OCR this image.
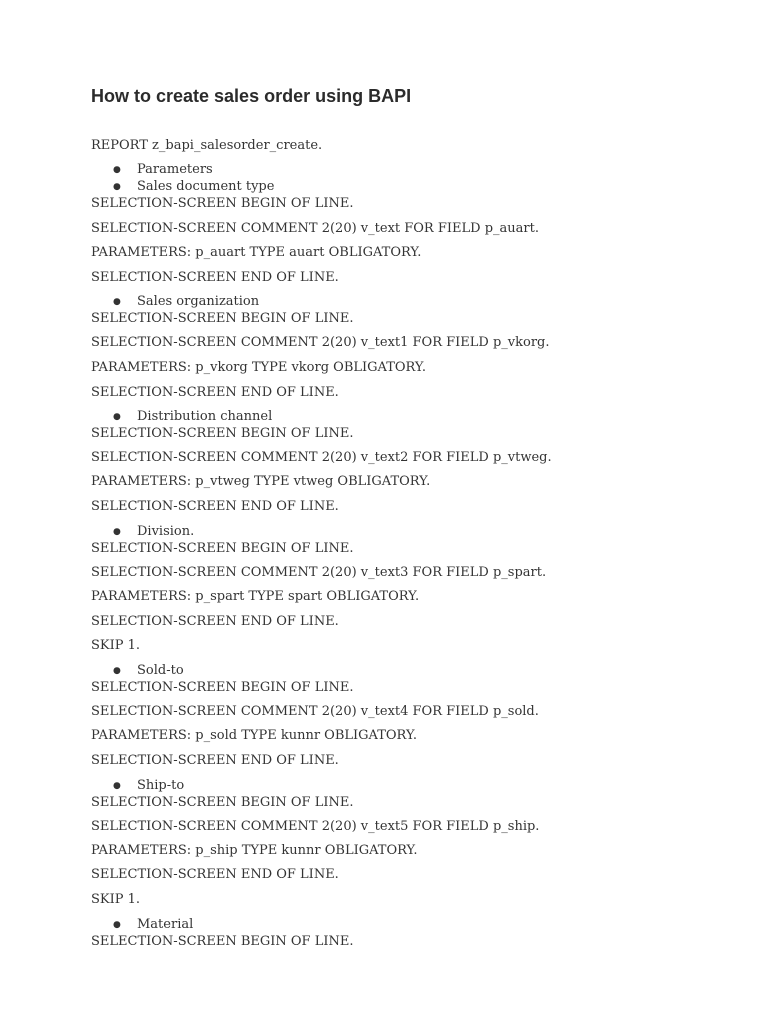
How to create sales order using BAPI
REPORT z_bapi_salesorder_create.
● Parameters
● Sales document type
SELECTION-SCREEN BEGIN OF LINE.
SELECTION-SCREEN COMMENT 2(20) v_text FOR FIELD p_auart.
PARAMETERS: p_auart TYPE auart OBLIGATORY.
SELECTION-SCREEN END OF LINE.
● Sales organization
SELECTION-SCREEN BEGIN OF LINE.
SELECTION-SCREEN COMMENT 2(20) v_text1 FOR FIELD p_vkorg.
PARAMETERS: p_vkorg TYPE vkorg OBLIGATORY.
SELECTION-SCREEN END OF LINE.
● Distribution channel
SELECTION-SCREEN BEGIN OF LINE.
SELECTION-SCREEN COMMENT 2(20) v_text2 FOR FIELD p_vtweg.
PARAMETERS: p_vtweg TYPE vtweg OBLIGATORY.
SELECTION-SCREEN END OF LINE.
● Division.
SELECTION-SCREEN BEGIN OF LINE.
SELECTION-SCREEN COMMENT 2(20) v_text3 FOR FIELD p_spart.
PARAMETERS: p_spart TYPE spart OBLIGATORY.
SELECTION-SCREEN END OF LINE.
SKIP 1.
● Sold-to
SELECTION-SCREEN BEGIN OF LINE.
SELECTION-SCREEN COMMENT 2(20) v_text4 FOR FIELD p_sold.
PARAMETERS: p_sold TYPE kunnr OBLIGATORY.
SELECTION-SCREEN END OF LINE.
● Ship-to
SELECTION-SCREEN BEGIN OF LINE.
SELECTION-SCREEN COMMENT 2(20) v_text5 FOR FIELD p_ship.
PARAMETERS: p_ship TYPE kunnr OBLIGATORY.
SELECTION-SCREEN END OF LINE.
SKIP 1.
● Material
SELECTION-SCREEN BEGIN OF LINE.
